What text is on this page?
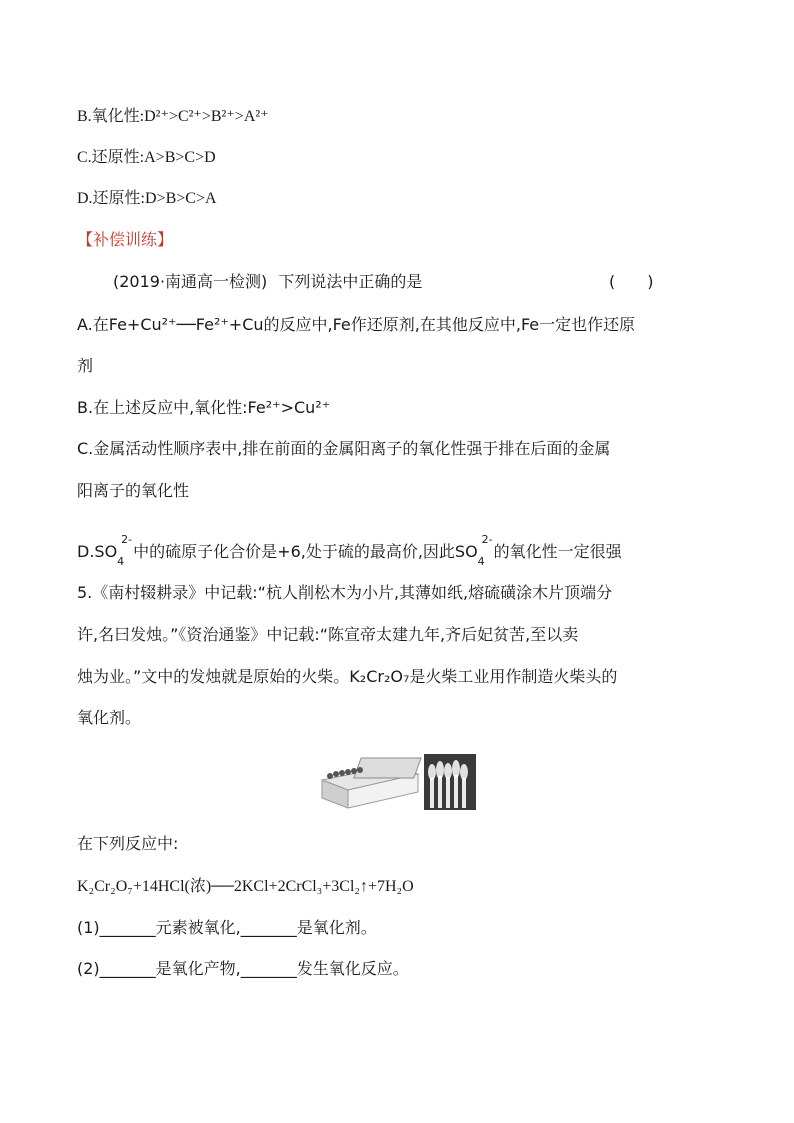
B.氧化性:D²⁺>C²⁺>B²⁺>A²⁺
C.还原性:A>B>C>D
D.还原性:D>B>C>A
【补偿训练】
(2019·南通高一检测) 下列说法中正确的是	(　　)
A.在Fe+Cu²⁺──Fe²⁺+Cu的反应中,Fe作还原剂,在其他反应中,Fe一定也作还原
剂
B.在上述反应中,氧化性:Fe²⁺>Cu²⁺
C.金属活动性顺序表中,排在前面的金属阳离子的氧化性强于排在后面的金属
阳离子的氧化性
D.SO
2-
4
中的硫原子化合价是+6,处于硫的最高价,因此SO
2-
4
的氧化性一定很强
5.《南村辍耕录》中记载:“杭人削松木为小片,其薄如纸,熔硫磺涂木片顶端分
许,名曰发烛。”《资治通鉴》中记载:“陈宣帝太建九年,齐后妃贫苦,至以卖
烛为业。”文中的发烛就是原始的火柴。K₂Cr₂O₇是火柴工业用作制造火柴头的
氧化剂。
在下列反应中:
K₂Cr₂O₇+14HCl(浓)──2KCl+2CrCl₃+3Cl₂↑+7H₂O
(1)_______元素被氧化,_______是氧化剂。
(2)_______是氧化产物,_______发生氧化反应。
